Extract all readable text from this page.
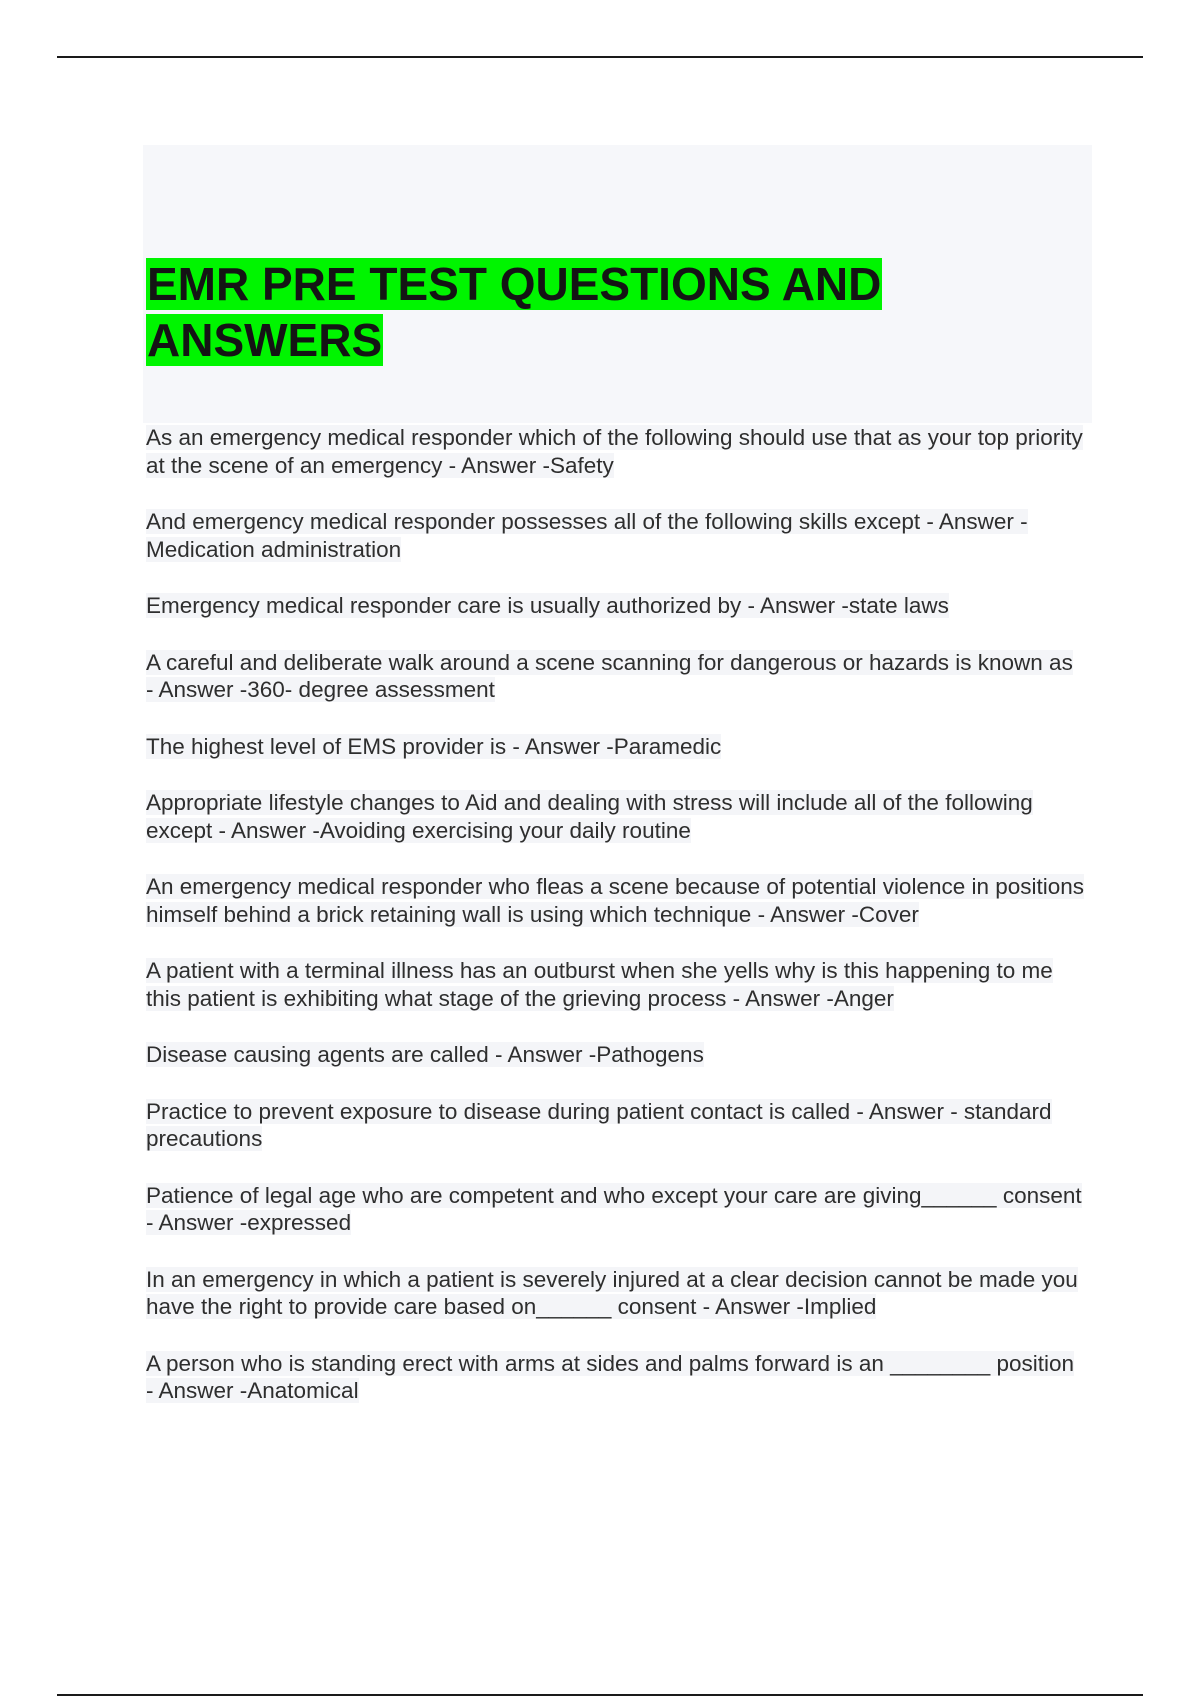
EMR PRE TEST QUESTIONS AND ANSWERS
As an emergency medical responder which of the following should use that as your top priority at the scene of an emergency - Answer -Safety
And emergency medical responder possesses all of the following skills except - Answer -Medication administration
Emergency medical responder care is usually authorized by - Answer -state laws
A careful and deliberate walk around a scene scanning for dangerous or hazards is known as - Answer -360- degree assessment
The highest level of EMS provider is - Answer -Paramedic
Appropriate lifestyle changes to Aid and dealing with stress will include all of the following except - Answer -Avoiding exercising your daily routine
An emergency medical responder who fleas a scene because of potential violence in positions himself behind a brick retaining wall is using which technique - Answer -Cover
A patient with a terminal illness has an outburst when she yells why is this happening to me this patient is exhibiting what stage of the grieving process - Answer -Anger
Disease causing agents are called - Answer -Pathogens
Practice to prevent exposure to disease during patient contact is called - Answer - standard precautions
Patience of legal age who are competent and who except your care are giving______ consent - Answer -expressed
In an emergency in which a patient is severely injured at a clear decision cannot be made you have the right to provide care based on______ consent - Answer -Implied
A person who is standing erect with arms at sides and palms forward is an ________ position - Answer -Anatomical
